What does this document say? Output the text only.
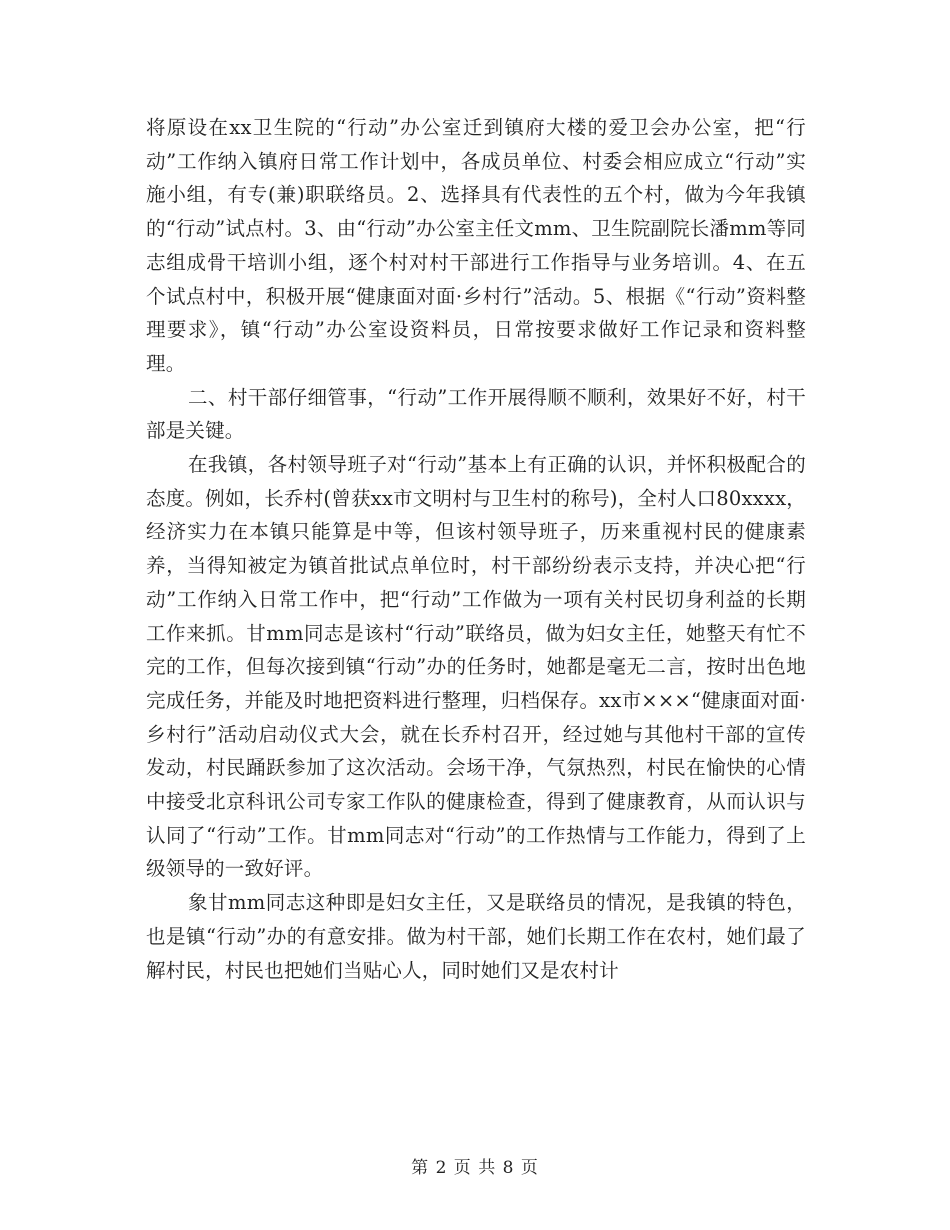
将原设在xx卫生院的“行动”办公室迁到镇府大楼的爱卫会办公室，把“行动”工作纳入镇府日常工作计划中，各成员单位、村委会相应成立“行动”实施小组，有专(兼)职联络员。2、选择具有代表性的五个村，做为今年我镇的“行动”试点村。3、由“行动”办公室主任文mm、卫生院副院长潘mm等同志组成骨干培训小组，逐个村对村干部进行工作指导与业务培训。4、在五个试点村中，积极开展“健康面对面·乡村行”活动。5、根据《“行动”资料整理要求》，镇“行动”办公室设资料员，日常按要求做好工作记录和资料整理。

二、村干部仔细管事，“行动”工作开展得顺不顺利，效果好不好，村干部是关键。

在我镇，各村领导班子对“行动”基本上有正确的认识，并怀积极配合的态度。例如，长乔村(曾获xx市文明村与卫生村的称号)，全村人口80xxxx，经济实力在本镇只能算是中等，但该村领导班子，历来重视村民的健康素养，当得知被定为镇首批试点单位时，村干部纷纷表示支持，并决心把“行动”工作纳入日常工作中，把“行动”工作做为一项有关村民切身利益的长期工作来抓。甘mm同志是该村“行动”联络员，做为妇女主任，她整天有忙不完的工作，但每次接到镇“行动”办的任务时，她都是毫无二言，按时出色地完成任务，并能及时地把资料进行整理，归档保存。xx市×××“健康面对面·乡村行”活动启动仪式大会，就在长乔村召开，经过她与其他村干部的宣传发动，村民踊跃参加了这次活动。会场干净，气氛热烈，村民在愉快的心情中接受北京科讯公司专家工作队的健康检查，得到了健康教育，从而认识与认同了“行动”工作。甘mm同志对“行动”的工作热情与工作能力，得到了上级领导的一致好评。

象甘mm同志这种即是妇女主任，又是联络员的情况，是我镇的特色，也是镇“行动”办的有意安排。做为村干部，她们长期工作在农村，她们最了解村民，村民也把她们当贴心人，同时她们又是农村计

第 2 页 共 8 页
